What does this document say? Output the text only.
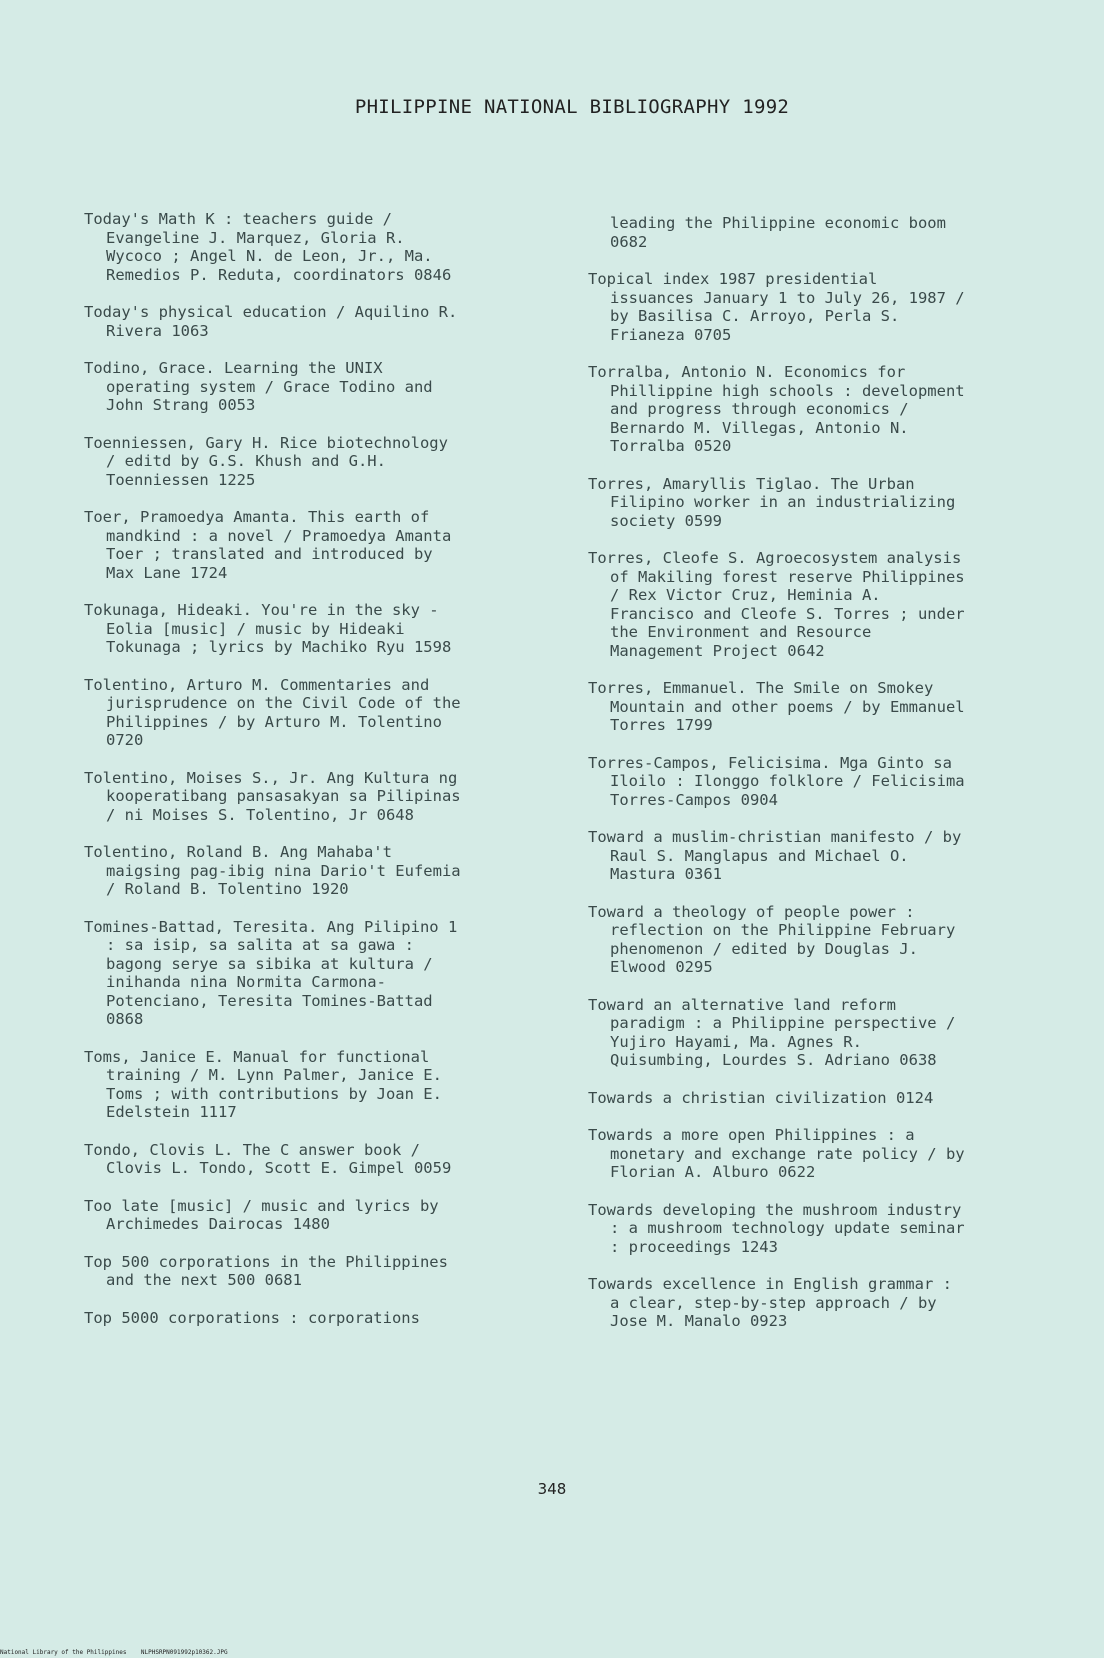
PHILIPPINE NATIONAL BIBLIOGRAPHY 1992
Today's Math K : teachers guide /
Evangeline J. Marquez, Gloria R.
Wycoco ; Angel N. de Leon, Jr., Ma.
Remedios P. Reduta, coordinators 0846
Today's physical education / Aquilino R.
Rivera 1063
Todino, Grace. Learning the UNIX
operating system / Grace Todino and
John Strang 0053
Toenniessen, Gary H. Rice biotechnology
/ editd by G.S. Khush and G.H.
Toenniessen 1225
Toer, Pramoedya Amanta. This earth of
mandkind : a novel / Pramoedya Amanta
Toer ; translated and introduced by
Max Lane 1724
Tokunaga, Hideaki. You're in the sky -
Eolia [music] / music by Hideaki
Tokunaga ; lyrics by Machiko Ryu 1598
Tolentino, Arturo M. Commentaries and
jurisprudence on the Civil Code of the
Philippines / by Arturo M. Tolentino
0720
Tolentino, Moises S., Jr. Ang Kultura ng
kooperatibang pansasakyan sa Pilipinas
/ ni Moises S. Tolentino, Jr 0648
Tolentino, Roland B. Ang Mahaba't
maigsing pag-ibig nina Dario't Eufemia
/ Roland B. Tolentino 1920
Tomines-Battad, Teresita. Ang Pilipino 1
: sa isip, sa salita at sa gawa :
bagong serye sa sibika at kultura /
inihanda nina Normita Carmona-
Potenciano, Teresita Tomines-Battad
0868
Toms, Janice E. Manual for functional
training / M. Lynn Palmer, Janice E.
Toms ; with contributions by Joan E.
Edelstein 1117
Tondo, Clovis L. The C answer book /
Clovis L. Tondo, Scott E. Gimpel 0059
Too late [music] / music and lyrics by
Archimedes Dairocas 1480
Top 500 corporations in the Philippines
and the next 500 0681
Top 5000 corporations : corporations
leading the Philippine economic boom
0682
Topical index 1987 presidential
issuances January 1 to July 26, 1987 /
by Basilisa C. Arroyo, Perla S.
Frianeza 0705
Torralba, Antonio N. Economics for
Phillippine high schools : development
and progress through economics /
Bernardo M. Villegas, Antonio N.
Torralba 0520
Torres, Amaryllis Tiglao. The Urban
Filipino worker in an industrializing
society 0599
Torres, Cleofe S. Agroecosystem analysis
of Makiling forest reserve Philippines
/ Rex Victor Cruz, Heminia A.
Francisco and Cleofe S. Torres ; under
the Environment and Resource
Management Project 0642
Torres, Emmanuel. The Smile on Smokey
Mountain and other poems / by Emmanuel
Torres 1799
Torres-Campos, Felicisima. Mga Ginto sa
Iloilo : Ilonggo folklore / Felicisima
Torres-Campos 0904
Toward a muslim-christian manifesto / by
Raul S. Manglapus and Michael O.
Mastura 0361
Toward a theology of people power :
reflection on the Philippine February
phenomenon / edited by Douglas J.
Elwood 0295
Toward an alternative land reform
paradigm : a Philippine perspective /
Yujiro Hayami, Ma. Agnes R.
Quisumbing, Lourdes S. Adriano 0638
Towards a christian civilization 0124
Towards a more open Philippines : a
monetary and exchange rate policy / by
Florian A. Alburo 0622
Towards developing the mushroom industry
: a mushroom technology update seminar
: proceedings 1243
Towards excellence in English grammar :
a clear, step-by-step approach / by
Jose M. Manalo 0923
348
National Library of the Philippines    NLPHSRPN091992p10362.JPG
